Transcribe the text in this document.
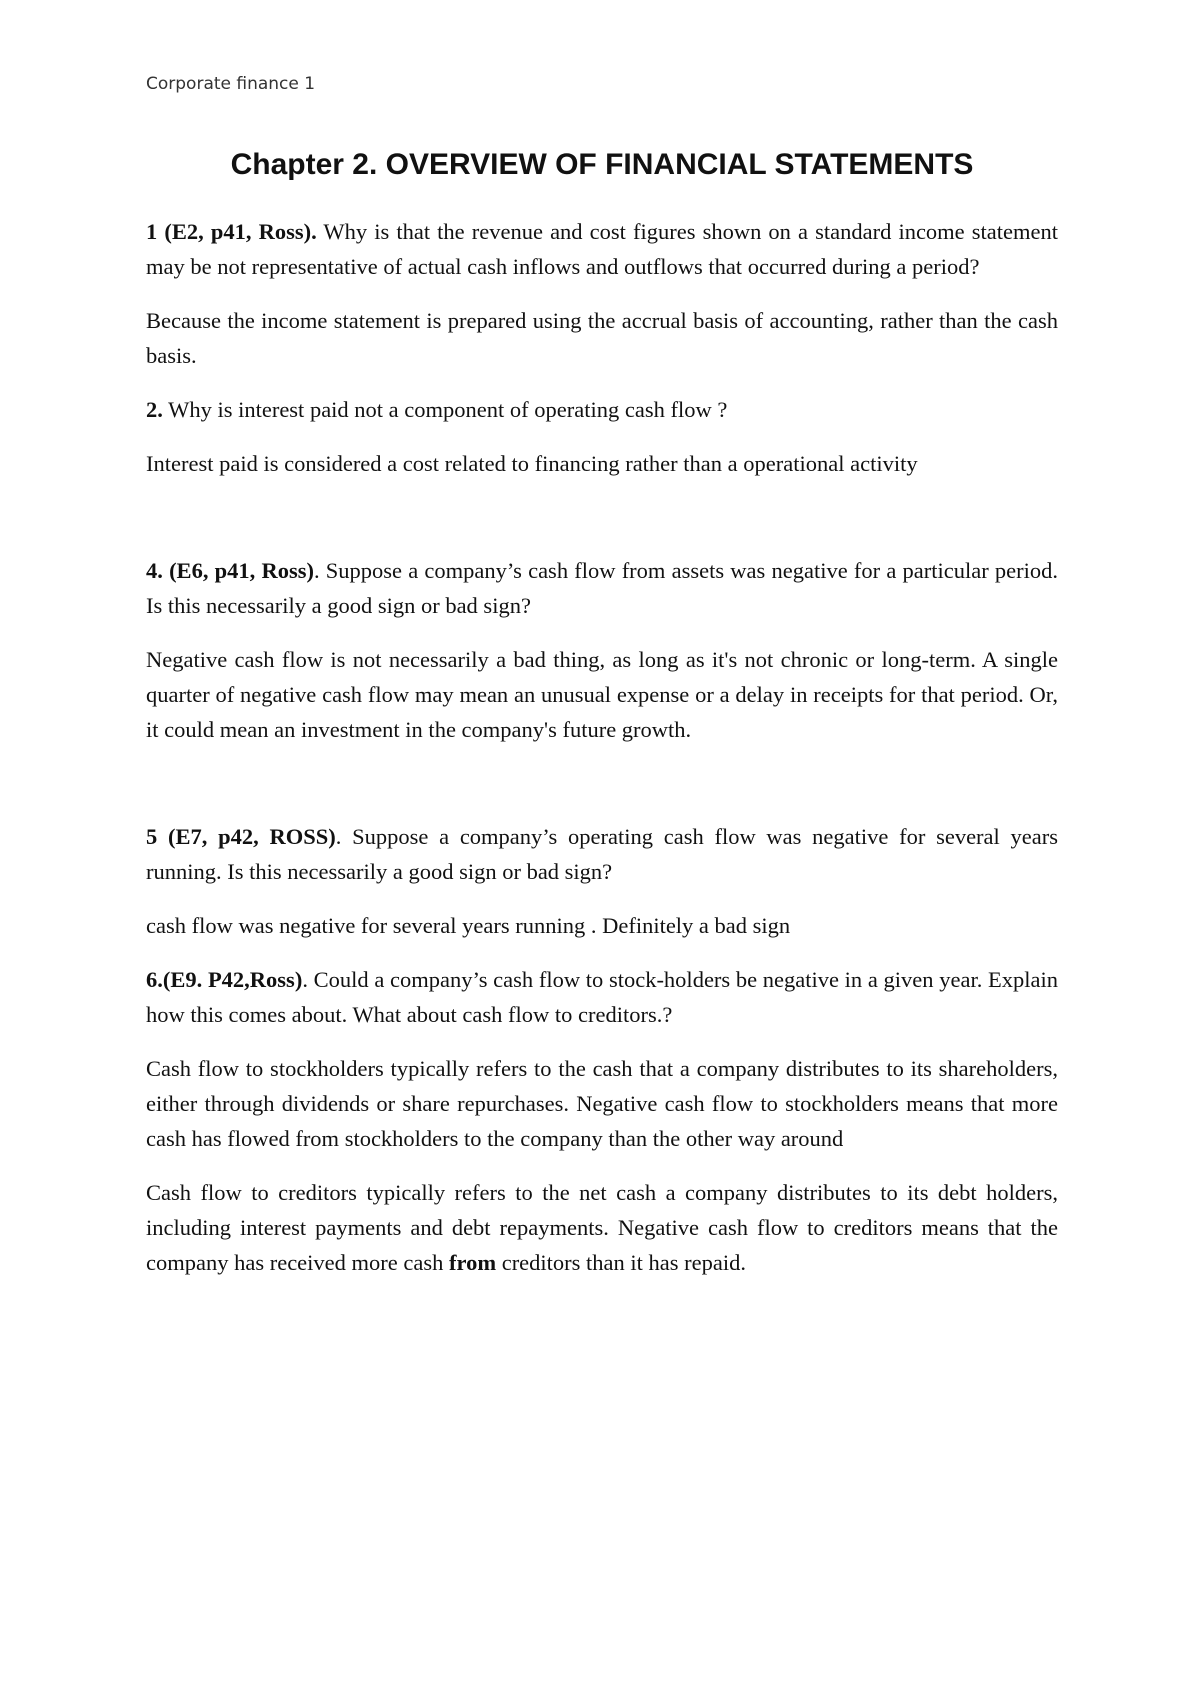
Corporate finance 1
Chapter 2. OVERVIEW OF FINANCIAL STATEMENTS

1 (E2, p41, Ross). Why is that the revenue and cost figures shown on a standard income statement may be not representative of actual cash inflows and outflows that occurred during a period?

Because the income statement is prepared using the accrual basis of accounting, rather than the cash basis.

2. Why is interest paid not a component of operating cash flow ?

Interest paid is considered a cost related to financing rather than a operational activity

4. (E6, p41, Ross). Suppose a company’s cash flow from assets was negative for a particular period. Is this necessarily a good sign or bad sign?

Negative cash flow is not necessarily a bad thing, as long as it's not chronic or long-term. A single quarter of negative cash flow may mean an unusual expense or a delay in receipts for that period. Or, it could mean an investment in the company's future growth.

5 (E7, p42, ROSS). Suppose a company’s operating cash flow was negative for several years running. Is this necessarily a good sign or bad sign?

cash flow was negative for several years running . Definitely a bad sign

6.(E9. P42,Ross). Could a company’s cash flow to stock-holders be negative in a given year. Explain how this comes about. What about cash flow to creditors.?

Cash flow to stockholders typically refers to the cash that a company distributes to its shareholders, either through dividends or share repurchases. Negative cash flow to stockholders means that more cash has flowed from stockholders to the company than the other way around

Cash flow to creditors typically refers to the net cash a company distributes to its debt holders, including interest payments and debt repayments. Negative cash flow to creditors means that the company has received more cash from creditors than it has repaid.
